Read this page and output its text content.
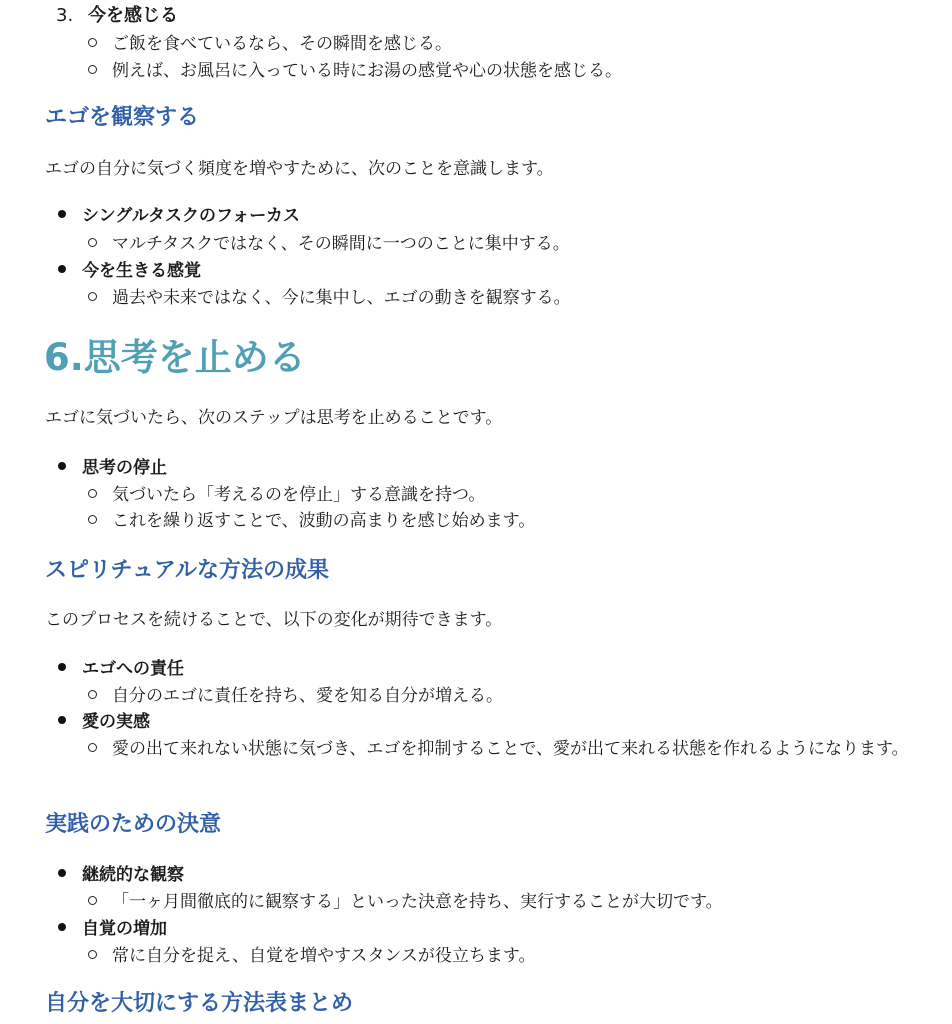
3. 今を感じる
ご飯を食べているなら、その瞬間を感じる。
例えば、お風呂に入っている時にお湯の感覚や心の状態を感じる。
エゴを観察する
エゴの自分に気づく頻度を増やすために、次のことを意識します。
シングルタスクのフォーカス
マルチタスクではなく、その瞬間に一つのことに集中する。
今を生きる感覚
過去や未来ではなく、今に集中し、エゴの動きを観察する。
6.思考を止める
エゴに気づいたら、次のステップは思考を止めることです。
思考の停止
気づいたら「考えるのを停止」する意識を持つ。
これを繰り返すことで、波動の高まりを感じ始めます。
スピリチュアルな方法の成果
このプロセスを続けることで、以下の変化が期待できます。
エゴへの責任
自分のエゴに責任を持ち、愛を知る自分が増える。
愛の実感
愛の出て来れない状態に気づき、エゴを抑制することで、愛が出て来れる状態を作れるようになります。
実践のための決意
継続的な観察
「一ヶ月間徹底的に観察する」といった決意を持ち、実行することが大切です。
自覚の増加
常に自分を捉え、自覚を増やすスタンスが役立ちます。
自分を大切にする方法表まとめ
